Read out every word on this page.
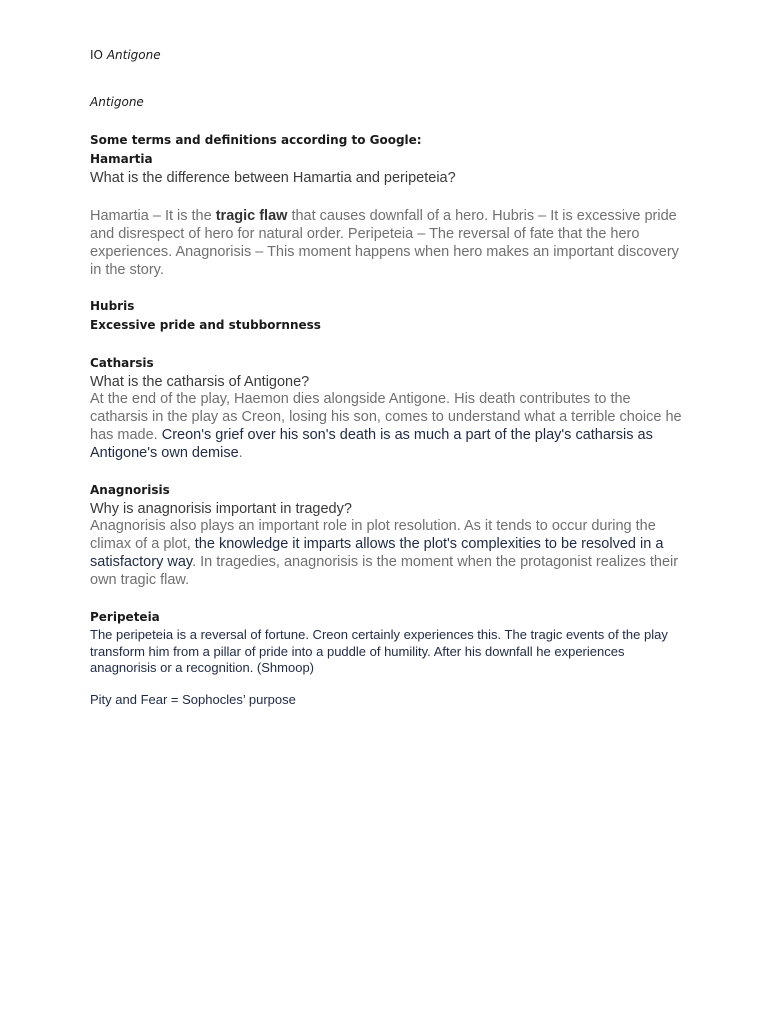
IO Antigone

Antigone

Some terms and definitions according to Google:

Hamartia

What is the difference between Hamartia and peripeteia?

Hamartia – It is the tragic flaw that causes downfall of a hero. Hubris – It is excessive pride and disrespect of hero for natural order. Peripeteia – The reversal of fate that the hero experiences. Anagnorisis – This moment happens when hero makes an important discovery in the story.

Hubris

Excessive pride and stubbornness

Catharsis

What is the catharsis of Antigone?

At the end of the play, Haemon dies alongside Antigone. His death contributes to the catharsis in the play as Creon, losing his son, comes to understand what a terrible choice he has made. Creon's grief over his son's death is as much a part of the play's catharsis as Antigone's own demise.

Anagnorisis

Why is anagnorisis important in tragedy?

Anagnorisis also plays an important role in plot resolution. As it tends to occur during the climax of a plot, the knowledge it imparts allows the plot's complexities to be resolved in a satisfactory way. In tragedies, anagnorisis is the moment when the protagonist realizes their own tragic flaw.

Peripeteia

The peripeteia is a reversal of fortune. Creon certainly experiences this. The tragic events of the play transform him from a pillar of pride into a puddle of humility. After his downfall he experiences anagnorisis or a recognition. (Shmoop)

Pity and Fear = Sophocles’ purpose
